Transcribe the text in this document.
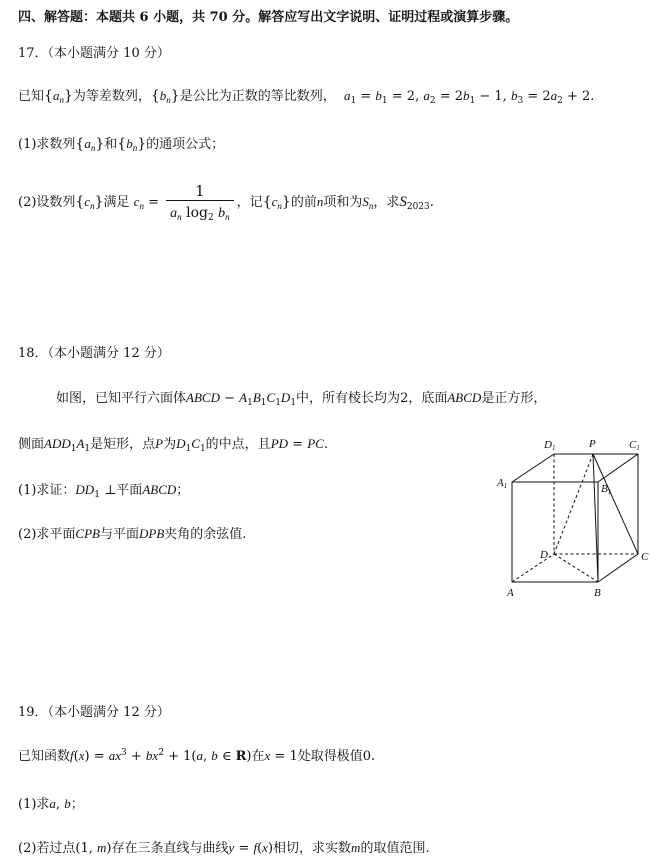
四、解答题：本题共 6 小题，共 70 分。解答应写出文字说明、证明过程或演算步骤。
17．（本小题满分 10 分）
已知$\{a_n\}$为等差数列，$\{b_n\}$是公比为正数的等比数列， $a_1 = b_1 = 2$, $a_2 = 2b_1 - 1$, $b_3 = 2a_2 + 2$.
(1)求数列$\{a_n\}$和$\{b_n\}$的通项公式；
(2)设数列$\{c_n\}$满足 $c_n = \frac{1}{a_n \log_2 b_n}$ ，记$\{c_n\}$的前n项和为$S_n$，求$S_{2023}$.
18．（本小题满分 12 分）
如图，已知平行六面体ABCD − $A_1B_1C_1D_1$中，所有棱长均为2，底面ABCD是正方形，
侧面$ADD_1A_1$是矩形，点P为$D_1C_1$的中点，且PD = PC.
(1)求证：$DD_1$ ⊥平面ABCD；
(2)求平面CPB与平面DPB夹角的余弦值.
D1	P	C1
A1	B1
D	C
A	B
19．（本小题满分 12 分）
已知函数$f(x) = ax^3 + bx^2 + 1(a$, b ∈ R)在x = 1处取得极值0.
(1)求a, b；
(2)若过点(1, m)存在三条直线与曲线y = f(x)相切，求实数m的取值范围.
